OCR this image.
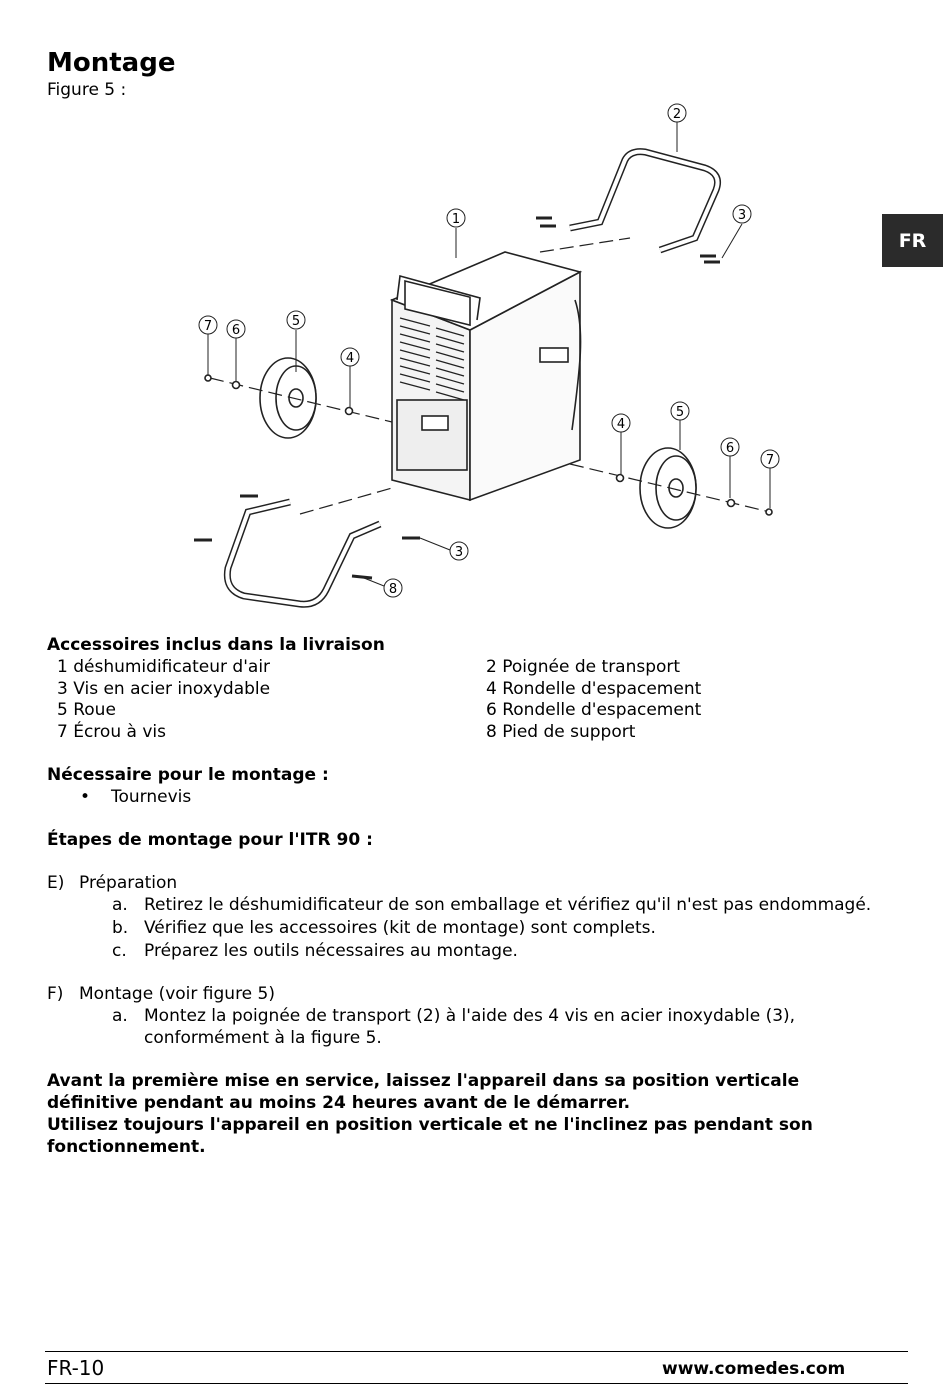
Montage
Figure 5 :
FR
1
2
3
4
5
6
7
4
5
6
7
3
8
Accessoires inclus dans la livraison
1 déshumidificateur d'air
3 Vis en acier inoxydable
5 Roue
7 Écrou à vis
2 Poignée de transport
4 Rondelle d'espacement
6 Rondelle d'espacement
8 Pied de support
Nécessaire pour le montage :
• Tournevis
Étapes de montage pour l'ITR 90 :
E) Préparation
a. Retirez le déshumidificateur de son emballage et vérifiez qu'il n'est pas endommagé.
b. Vérifiez que les accessoires (kit de montage) sont complets.
c. Préparez les outils nécessaires au montage.
F) Montage (voir figure 5)
a. Montez la poignée de transport (2) à l'aide des 4 vis en acier inoxydable (3),
conformément à la figure 5.
Avant la première mise en service, laissez l'appareil dans sa position verticale
définitive pendant au moins 24 heures avant de le démarrer.
Utilisez toujours l'appareil en position verticale et ne l'inclinez pas pendant son
fonctionnement.
FR-10	www.comedes.com
